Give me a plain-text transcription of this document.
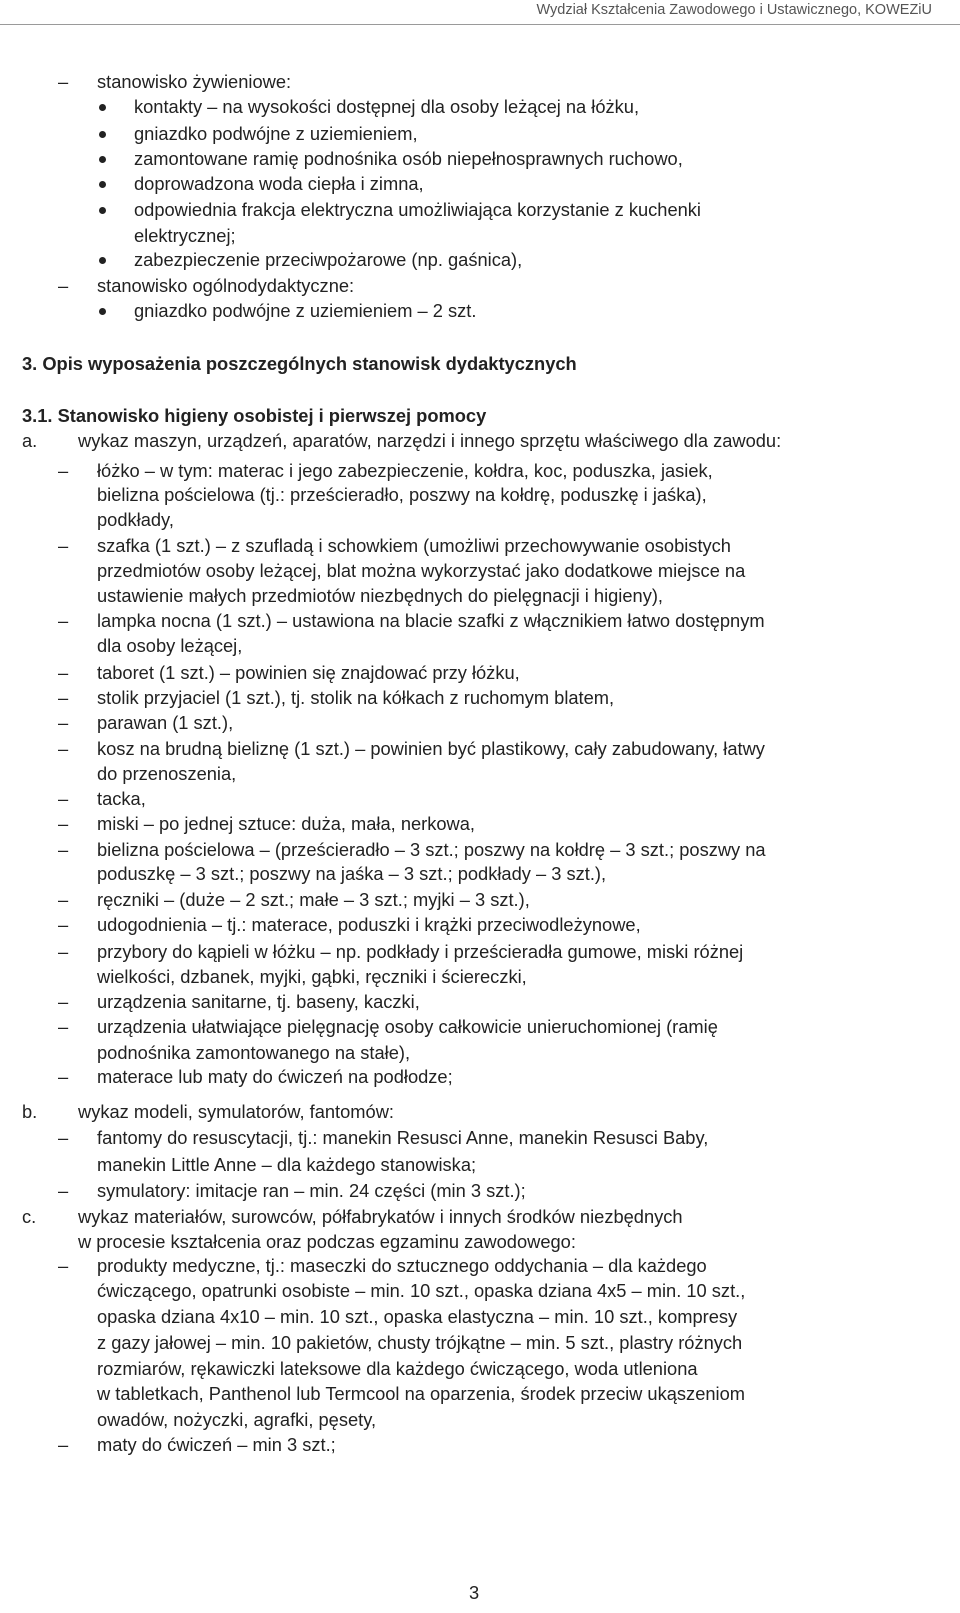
Wydział Kształcenia Zawodowego i Ustawicznego, KOWEZiU
– stanowisko żywieniowe:
kontakty – na wysokości dostępnej dla osoby leżącej na łóżku,
gniazdko podwójne z uziemieniem,
zamontowane ramię podnośnika osób niepełnosprawnych ruchowo,
doprowadzona woda ciepła i zimna,
odpowiednia frakcja elektryczna umożliwiająca korzystanie z kuchenki
elektrycznej;
zabezpieczenie przeciwpożarowe (np. gaśnica),
– stanowisko ogólnodydaktyczne:
gniazdko podwójne z uziemieniem – 2 szt.
3. Opis wyposażenia poszczególnych stanowisk dydaktycznych
3.1. Stanowisko higieny osobistej i pierwszej pomocy
a. wykaz maszyn, urządzeń, aparatów, narzędzi i innego sprzętu właściwego dla zawodu:
– łóżko – w tym: materac i jego zabezpieczenie, kołdra, koc, poduszka, jasiek,
bielizna pościelowa (tj.: prześcieradło, poszwy na kołdrę, poduszkę i jaśka),
podkłady,
– szafka (1 szt.) – z szufladą i schowkiem (umożliwi przechowywanie osobistych
przedmiotów osoby leżącej, blat można wykorzystać jako dodatkowe miejsce na
ustawienie małych przedmiotów niezbędnych do pielęgnacji i higieny),
– lampka nocna (1 szt.) – ustawiona na blacie szafki z włącznikiem łatwo dostępnym
dla osoby leżącej,
– taboret (1 szt.) – powinien się znajdować przy łóżku,
– stolik przyjaciel (1 szt.), tj. stolik na kółkach z ruchomym blatem,
– parawan (1 szt.),
– kosz na brudną bieliznę (1 szt.) – powinien być plastikowy, cały zabudowany, łatwy
do przenoszenia,
– tacka,
– miski – po jednej sztuce: duża, mała, nerkowa,
– bielizna pościelowa – (prześcieradło – 3 szt.; poszwy na kołdrę – 3 szt.; poszwy na
poduszkę – 3 szt.; poszwy na jaśka – 3 szt.; podkłady – 3 szt.),
– ręczniki – (duże – 2 szt.; małe – 3 szt.; myjki – 3 szt.),
– udogodnienia – tj.: materace, poduszki i krążki przeciwodleżynowe,
– przybory do kąpieli w łóżku – np. podkłady i prześcieradła gumowe, miski różnej
wielkości, dzbanek, myjki, gąbki, ręczniki i ściereczki,
– urządzenia sanitarne, tj. baseny, kaczki,
– urządzenia ułatwiające pielęgnację osoby całkowicie unieruchomionej (ramię
podnośnika zamontowanego na stałe),
– materace lub maty do ćwiczeń na podłodze;
b. wykaz modeli, symulatorów, fantomów:
– fantomy do resuscytacji, tj.: manekin Resusci Anne, manekin Resusci Baby,
manekin Little Anne – dla każdego stanowiska;
– symulatory: imitacje ran – min. 24 części (min 3 szt.);
c. wykaz materiałów, surowców, półfabrykatów i innych środków niezbędnych
w procesie kształcenia oraz podczas egzaminu zawodowego:
– produkty medyczne, tj.: maseczki do sztucznego oddychania – dla każdego
ćwiczącego, opatrunki osobiste – min. 10 szt., opaska dziana 4x5 – min. 10 szt.,
opaska dziana 4x10 – min. 10 szt., opaska elastyczna – min. 10 szt., kompresy
z gazy jałowej – min. 10 pakietów, chusty trójkątne – min. 5 szt., plastry różnych
rozmiarów, rękawiczki lateksowe dla każdego ćwiczącego, woda utleniona
w tabletkach, Panthenol lub Termcool na oparzenia, środek przeciw ukąszeniom
owadów, nożyczki, agrafki, pęsety,
– maty do ćwiczeń – min 3 szt.;
3
